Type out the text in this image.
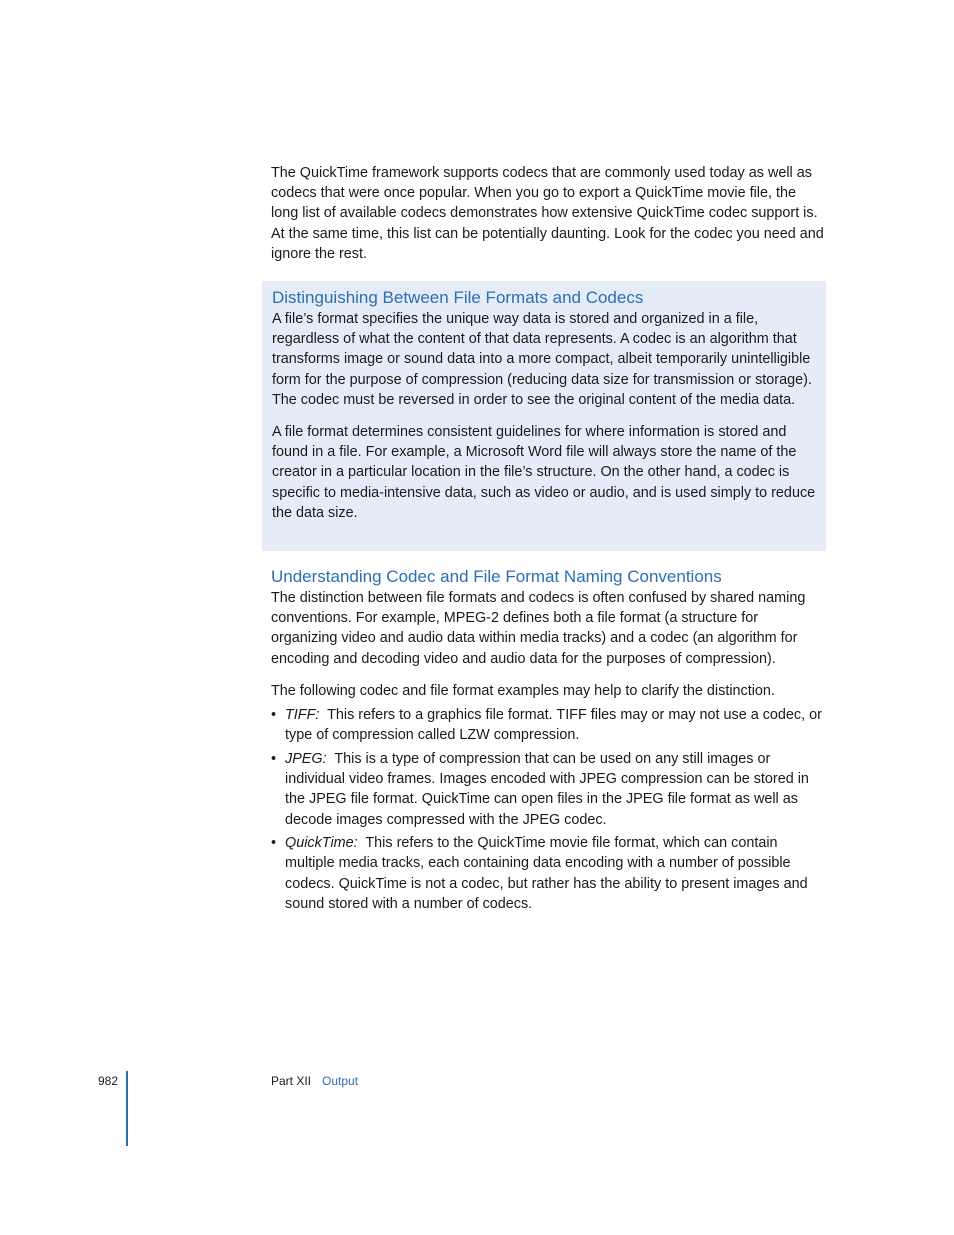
The QuickTime framework supports codecs that are commonly used today as well as codecs that were once popular. When you go to export a QuickTime movie file, the long list of available codecs demonstrates how extensive QuickTime codec support is. At the same time, this list can be potentially daunting. Look for the codec you need and ignore the rest.

Distinguishing Between File Formats and Codecs

A file’s format specifies the unique way data is stored and organized in a file, regardless of what the content of that data represents. A codec is an algorithm that transforms image or sound data into a more compact, albeit temporarily unintelligible form for the purpose of compression (reducing data size for transmission or storage). The codec must be reversed in order to see the original content of the media data.

A file format determines consistent guidelines for where information is stored and found in a file. For example, a Microsoft Word file will always store the name of the creator in a particular location in the file’s structure. On the other hand, a codec is specific to media-intensive data, such as video or audio, and is used simply to reduce the data size.

Understanding Codec and File Format Naming Conventions

The distinction between file formats and codecs is often confused by shared naming conventions. For example, MPEG-2 defines both a file format (a structure for organizing video and audio data within media tracks) and a codec (an algorithm for encoding and decoding video and audio data for the purposes of compression).

The following codec and file format examples may help to clarify the distinction.

• TIFF: This refers to a graphics file format. TIFF files may or may not use a codec, or type of compression called LZW compression.
• JPEG: This is a type of compression that can be used on any still images or individual video frames. Images encoded with JPEG compression can be stored in the JPEG file format. QuickTime can open files in the JPEG file format as well as decode images compressed with the JPEG codec.
• QuickTime: This refers to the QuickTime movie file format, which can contain multiple media tracks, each containing data encoding with a number of possible codecs. QuickTime is not a codec, but rather has the ability to present images and sound stored with a number of codecs.
982	Part XII Output
